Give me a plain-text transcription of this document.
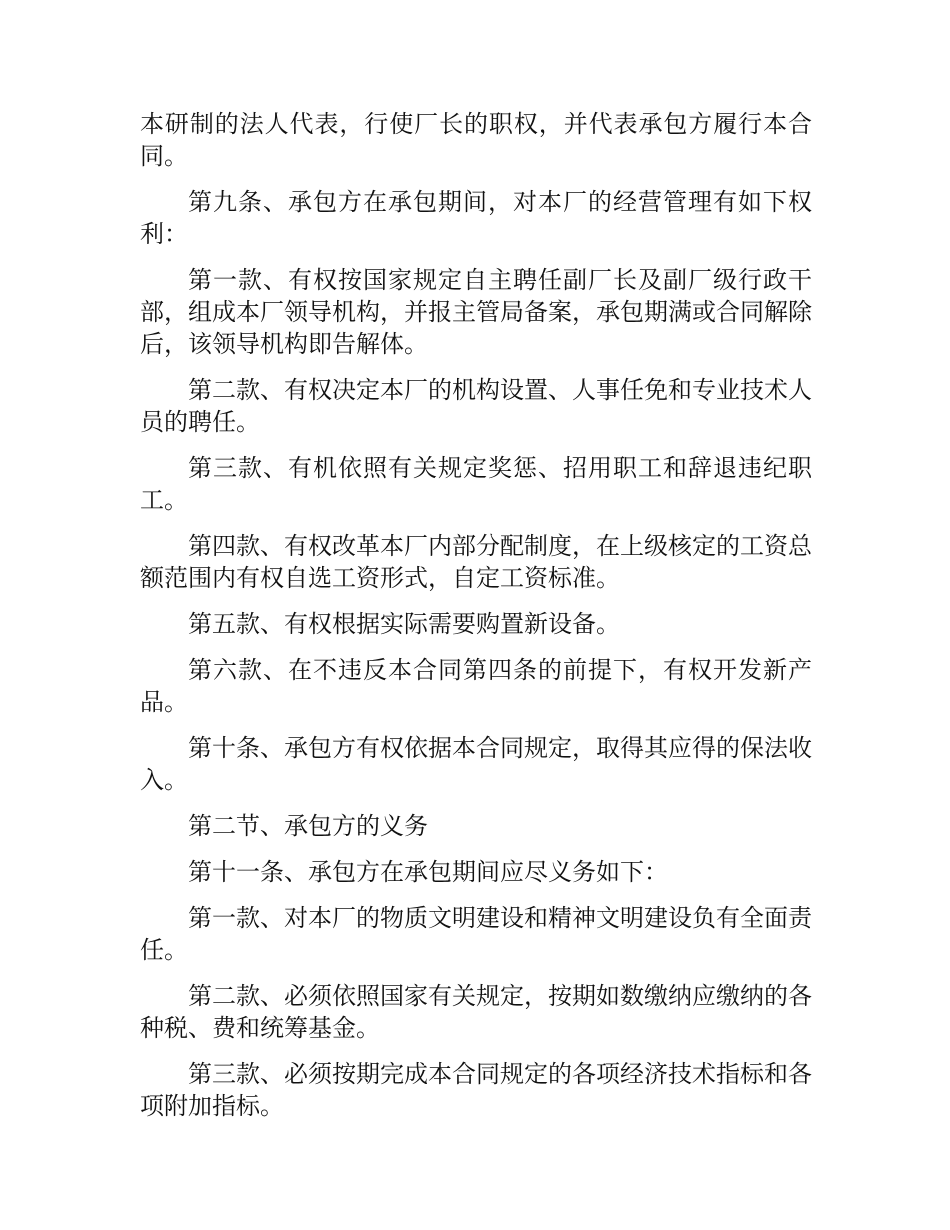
本研制的法人代表，行使厂长的职权，并代表承包方履行本合同。

第九条、承包方在承包期间，对本厂的经营管理有如下权利：

第一款、有权按国家规定自主聘任副厂长及副厂级行政干部，组成本厂领导机构，并报主管局备案，承包期满或合同解除后，该领导机构即告解体。

第二款、有权决定本厂的机构设置、人事任免和专业技术人员的聘任。

第三款、有机依照有关规定奖惩、招用职工和辞退违纪职工。

第四款、有权改革本厂内部分配制度，在上级核定的工资总额范围内有权自选工资形式，自定工资标准。

第五款、有权根据实际需要购置新设备。

第六款、在不违反本合同第四条的前提下，有权开发新产品。

第十条、承包方有权依据本合同规定，取得其应得的保法收入。

第二节、承包方的义务

第十一条、承包方在承包期间应尽义务如下：

第一款、对本厂的物质文明建设和精神文明建设负有全面责任。

第二款、必须依照国家有关规定，按期如数缴纳应缴纳的各种税、费和统筹基金。

第三款、必须按期完成本合同规定的各项经济技术指标和各项附加指标。
